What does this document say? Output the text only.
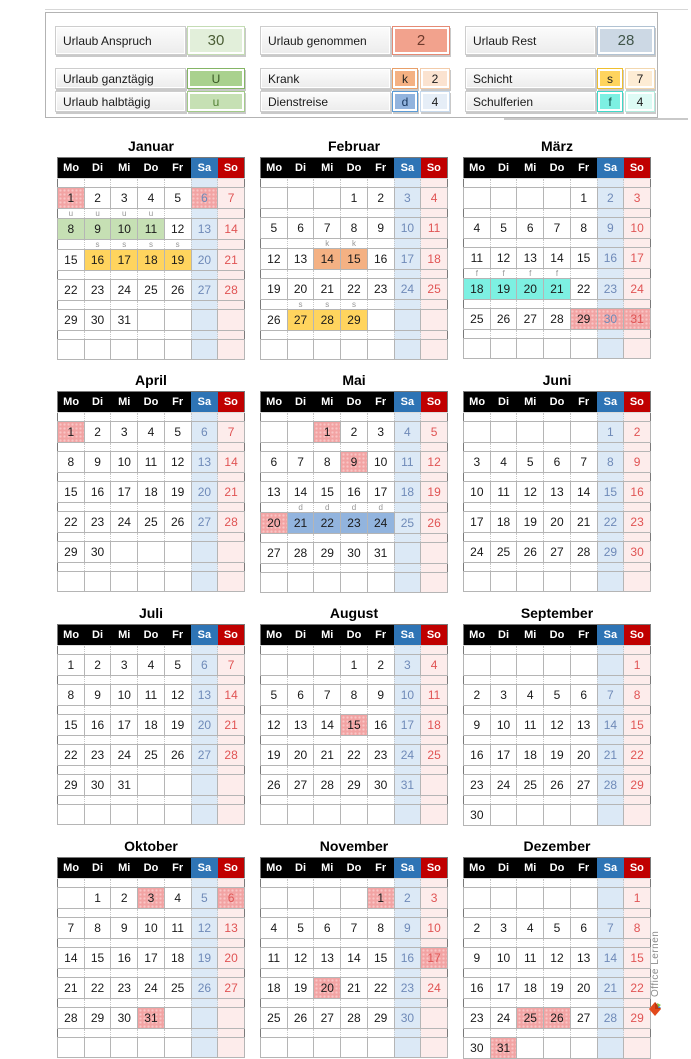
Urlaub Anspruch	30	Urlaub genommen	2	Urlaub Rest	28
Urlaub ganztägig	U
Urlaub halbtägig	u
Krank	k	2
Dienstreise	d	4
Schicht	s	7
Schulferien	f	4
Januar
Mo	Di	Mi	Do	Fr	Sa	So

1	2	3	4	5	6	7
u	u	u	u			
8	9	10	11	12	13	14
	s	s	s	s		
15	16	17	18	19	20	21

22	23	24	25	26	27	28

29	30	31				

Februar
Mo	Di	Mi	Do	Fr	Sa	So

			1	2	3	4

5	6	7	8	9	10	11
		k	k			
12	13	14	15	16	17	18

19	20	21	22	23	24	25
	s	s	s			
26	27	28	29			

März
Mo	Di	Mi	Do	Fr	Sa	So

				1	2	3

4	5	6	7	8	9	10

11	12	13	14	15	16	17
f	f	f	f			
18	19	20	21	22	23	24

25	26	27	28	29	30	31

April
Mo	Di	Mi	Do	Fr	Sa	So

1	2	3	4	5	6	7

8	9	10	11	12	13	14

15	16	17	18	19	20	21

22	23	24	25	26	27	28

29	30					

Mai
Mo	Di	Mi	Do	Fr	Sa	So

		1	2	3	4	5

6	7	8	9	10	11	12

13	14	15	16	17	18	19
	d	d	d	d		
20	21	22	23	24	25	26

27	28	29	30	31		

Juni
Mo	Di	Mi	Do	Fr	Sa	So

					1	2

3	4	5	6	7	8	9

10	11	12	13	14	15	16

17	18	19	20	21	22	23

24	25	26	27	28	29	30

Juli
Mo	Di	Mi	Do	Fr	Sa	So

1	2	3	4	5	6	7

8	9	10	11	12	13	14

15	16	17	18	19	20	21

22	23	24	25	26	27	28

29	30	31				

August
Mo	Di	Mi	Do	Fr	Sa	So

			1	2	3	4

5	6	7	8	9	10	11

12	13	14	15	16	17	18

19	20	21	22	23	24	25

26	27	28	29	30	31	

September
Mo	Di	Mi	Do	Fr	Sa	So

						1

2	3	4	5	6	7	8

9	10	11	12	13	14	15

16	17	18	19	20	21	22

23	24	25	26	27	28	29

30						
Oktober
Mo	Di	Mi	Do	Fr	Sa	So

	1	2	3	4	5	6

7	8	9	10	11	12	13

14	15	16	17	18	19	20

21	22	23	24	25	26	27

28	29	30	31			

November
Mo	Di	Mi	Do	Fr	Sa	So

				1	2	3

4	5	6	7	8	9	10

11	12	13	14	15	16	17

18	19	20	21	22	23	24

25	26	27	28	29	30	

Dezember
Mo	Di	Mi	Do	Fr	Sa	So

						1

2	3	4	5	6	7	8

9	10	11	12	13	14	15

16	17	18	19	20	21	22

23	24	25	26	27	28	29

30	31					
Office Lernen
